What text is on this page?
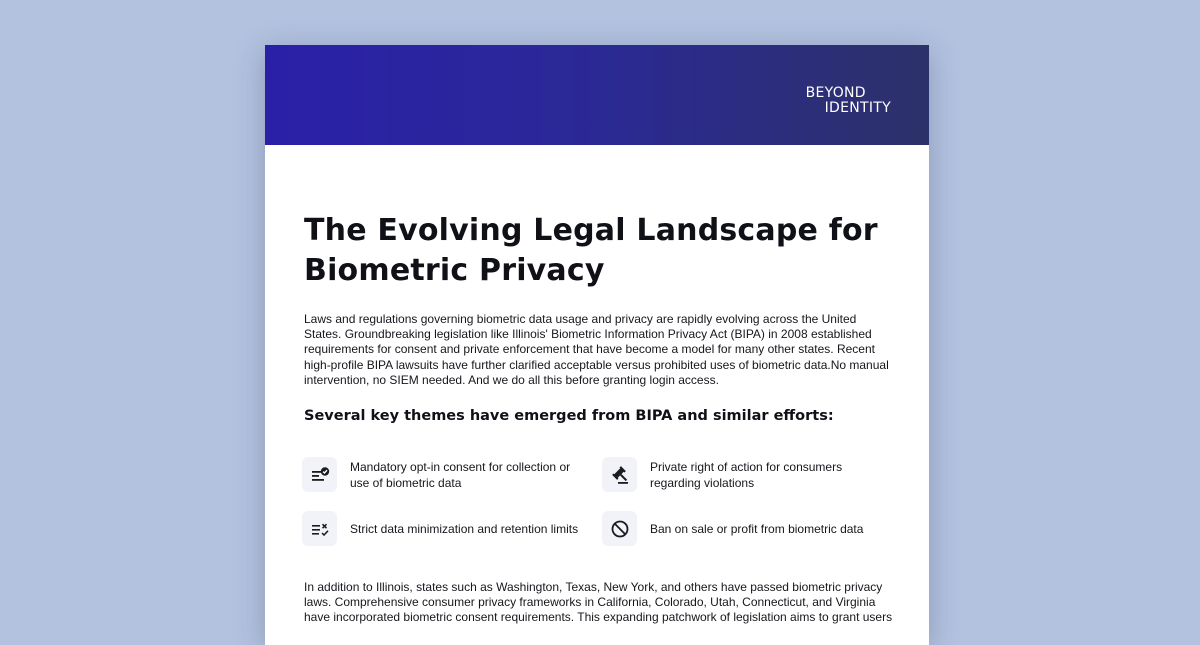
BEYOND
IDENTITY
The Evolving Legal Landscape for Biometric Privacy

Laws and regulations governing biometric data usage and privacy are rapidly evolving across the United States. Groundbreaking legislation like Illinois' Biometric Information Privacy Act (BIPA) in 2008 established requirements for consent and private enforcement that have become a model for many other states. Recent high-profile BIPA lawsuits have further clarified acceptable versus prohibited uses of biometric data.No manual intervention, no SIEM needed. And we do all this before granting login access.

Several key themes have emerged from BIPA and similar efforts:
Mandatory opt-in consent for collection or use of biometric data
Private right of action for consumers regarding violations
Strict data minimization and retention limits	Ban on sale or profit from biometric data

In addition to Illinois, states such as Washington, Texas, New York, and others have passed biometric privacy laws. Comprehensive consumer privacy frameworks in California, Colorado, Utah, Connecticut, and Virginia have incorporated biometric consent requirements. This expanding patchwork of legislation aims to grant users
